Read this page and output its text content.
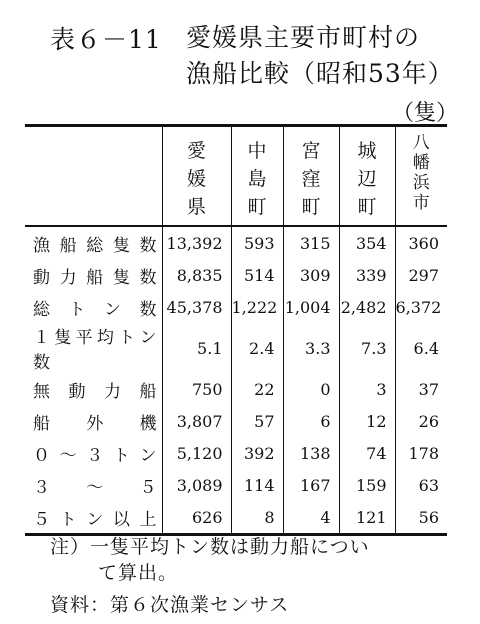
表６－11 愛媛県主要市町村の
漁船比較（昭和53年）
（隻）
	愛媛県	中島町	宮窪町	城辺町	八幡浜市
漁船総隻数	13,392	593	315	354	360
動力船隻数	8,835	514	309	339	297
総トン数	45,378	1,222	1,004	2,482	6,372
１隻平均トン数	5.1	2.4	3.3	7.3	6.4
無動力船	750	22	0	3	37
船外機	3,807	57	6	12	26
０～３トン	5,120	392	138	74	178
３～５	3,089	114	167	159	63
５トン以上	626	8	4	121	56
注）一隻平均トン数は動力船につい
て算出。
資料：第６次漁業センサス
